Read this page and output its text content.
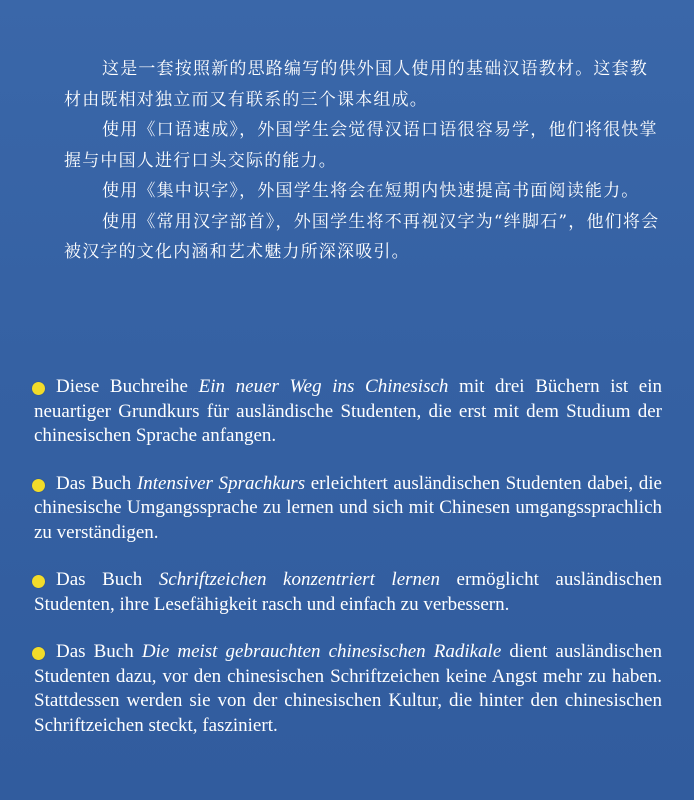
这是一套按照新的思路编写的供外国人使用的基础汉语教材。这套教材由既相对独立而又有联系的三个课本组成。

使用《口语速成》，外国学生会觉得汉语口语很容易学，他们将很快掌握与中国人进行口头交际的能力。

使用《集中识字》，外国学生将会在短期内快速提高书面阅读能力。

使用《常用汉字部首》，外国学生将不再视汉字为“绊脚石”，他们将会被汉字的文化内涵和艺术魅力所深深吸引。

Diese Buchreihe Ein neuer Weg ins Chinesisch mit drei Büchern ist ein neuartiger Grundkurs für ausländische Studenten, die erst mit dem Studium der chinesischen Sprache anfangen.
Das Buch Intensiver Sprachkurs erleichtert ausländischen Studenten dabei, die chinesische Umgangssprache zu lernen und sich mit Chinesen umgangssprachlich zu verständigen.
Das Buch Schriftzeichen konzentriert lernen ermöglicht ausländischen Studenten, ihre Lesefähigkeit rasch und einfach zu verbessern.
Das Buch Die meist gebrauchten chinesischen Radikale dient ausländischen Studenten dazu, vor den chinesischen Schriftzeichen keine Angst mehr zu haben. Stattdessen werden sie von der chinesischen Kultur, die hinter den chinesischen Schriftzeichen steckt, fasziniert.
